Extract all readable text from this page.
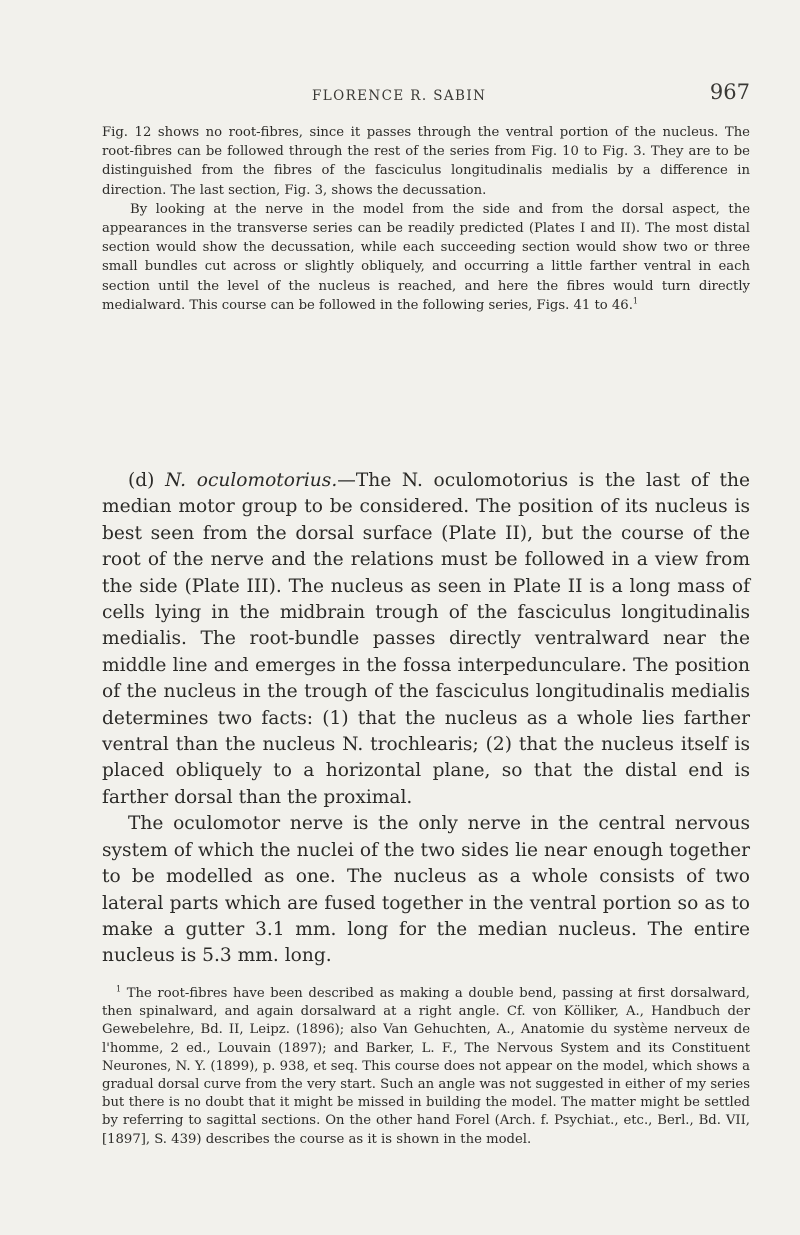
FLORENCE R. SABIN	967

Fig. 12 shows no root-fibres, since it passes through the ventral portion of the nucleus. The root-fibres can be followed through the rest of the series from Fig. 10 to Fig. 3. They are to be distinguished from the fibres of the fasciculus longitudinalis medialis by a difference in direction. The last section, Fig. 3, shows the decussation.

By looking at the nerve in the model from the side and from the dorsal aspect, the appearances in the transverse series can be readily predicted (Plates I and II). The most distal section would show the decussation, while each succeeding section would show two or three small bundles cut across or slightly obliquely, and occurring a little farther ventral in each section until the level of the nucleus is reached, and here the fibres would turn directly medialward. This course can be followed in the following series, Figs. 41 to 46.$^1$

(d) N. oculomotorius.—The N. oculomotorius is the last of the median motor group to be considered. The position of its nucleus is best seen from the dorsal surface (Plate II), but the course of the root of the nerve and the relations must be followed in a view from the side (Plate III). The nucleus as seen in Plate II is a long mass of cells lying in the midbrain trough of the fasciculus longitudinalis medialis. The root-bundle passes directly ventralward near the middle line and emerges in the fossa interpedunculare. The position of the nucleus in the trough of the fasciculus longitudinalis medialis determines two facts: (1) that the nucleus as a whole lies farther ventral than the nucleus N. trochlearis; (2) that the nucleus itself is placed obliquely to a horizontal plane, so that the distal end is farther dorsal than the proximal.

The oculomotor nerve is the only nerve in the central nervous system of which the nuclei of the two sides lie near enough together to be modelled as one. The nucleus as a whole consists of two lateral parts which are fused together in the ventral portion so as to make a gutter 3.1 mm. long for the median nucleus. The entire nucleus is 5.3 mm. long.

$^1$ The root-fibres have been described as making a double bend, passing at first dorsalward, then spinalward, and again dorsalward at a right angle. Cf. von Kölliker, A., Handbuch der Gewebelehre, Bd. II, Leipz. (1896); also Van Gehuchten, A., Anatomie du système nerveux de l'homme, 2 ed., Louvain (1897); and Barker, L. F., The Nervous System and its Constituent Neurones, N. Y. (1899), p. 938, et seq. This course does not appear on the model, which shows a gradual dorsal curve from the very start. Such an angle was not suggested in either of my series but there is no doubt that it might be missed in building the model. The matter might be settled by referring to sagittal sections. On the other hand Forel (Arch. f. Psychiat., etc., Berl., Bd. VII, [1897], S. 439) describes the course as it is shown in the model.
